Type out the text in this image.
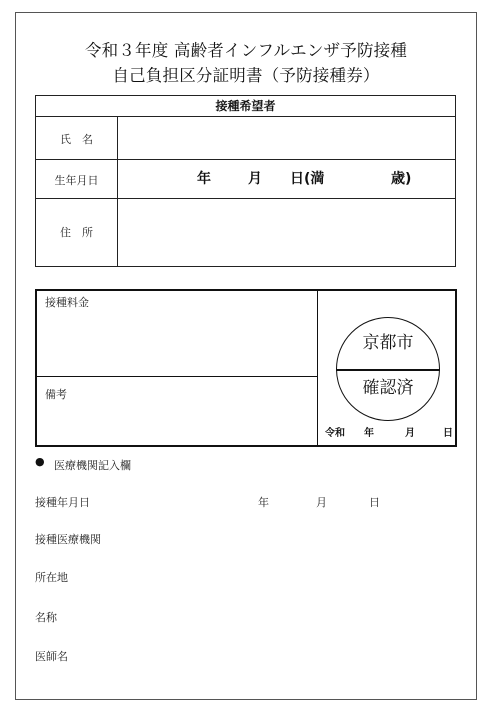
令和３年度 高齢者インフルエンザ予防接種
自己負担区分証明書（予防接種券）
接種希望者
氏　名
生年月日	年	月 日(満	歳)
住　所
接種料金
備考
京都市
確認済
令和 年	月	日
● 医療機関記入欄
接種年月日	年	月	日
接種医療機関
所在地
名称
医師名
